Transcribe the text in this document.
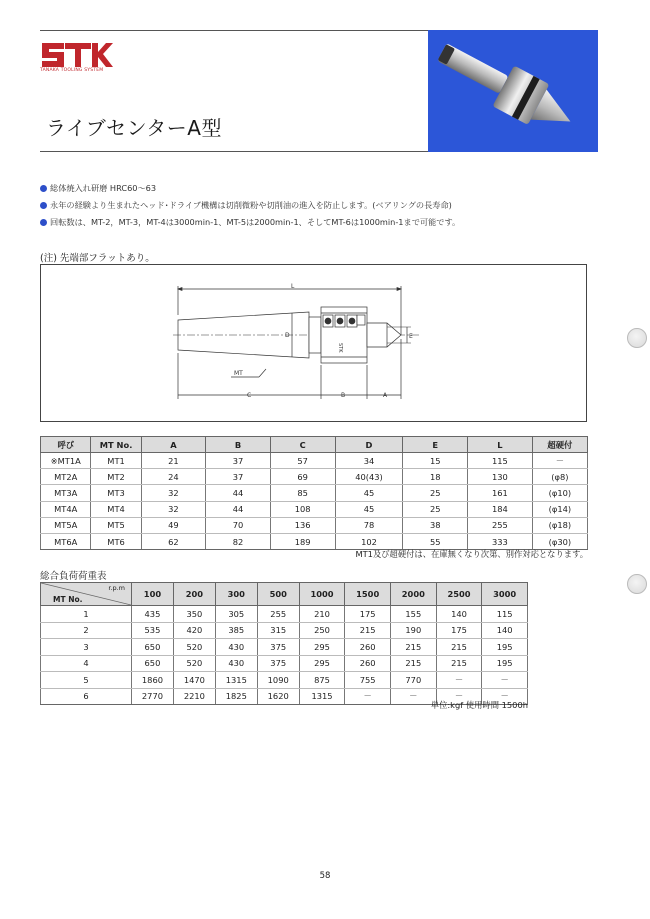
TANAKA TOOLING SYSTEM
ライブセンターA型
総体焼入れ研磨 HRC60～63
永年の経験より生まれたヘッド･ドライブ機構は切削微粉や切削油の進入を防止します。(ベアリングの長寿命)
回転数は、MT-2，MT-3，MT-4は3000min-1、MT-5は2000min-1、そしてMT-6は1000min-1まで可能です。
(注) 先端部フラットあり。
L
STK
D	E
MT
C	B	A
呼び	MT No.	A	B	C	D	E	L	超硬付
※MT1A	MT1	21	37	57	34	15	115	－
MT2A	MT2	24	37	69	40(43)	18	130	(φ8)
MT3A	MT3	32	44	85	45	25	161	(φ10)
MT4A	MT4	32	44	108	45	25	184	(φ14)
MT5A	MT5	49	70	136	78	38	255	(φ18)
MT6A	MT6	62	82	189	102	55	333	(φ30)
MT1及び超硬付は、在庫無くなり次第、別作対応となります。
総合負荷荷重表
r.p.m
MT No.	100	200	300	500	1000	1500	2000	2500	3000
1	435	350	305	255	210	175	155	140	115
2	535	420	385	315	250	215	190	175	140
3	650	520	430	375	295	260	215	215	195
4	650	520	430	375	295	260	215	215	195
5	1860	1470	1315	1090	875	755	770	－	－
6	2770	2210	1825	1620	1315	－	－	－	－
単位:kgf 使用時間 1500h
58
